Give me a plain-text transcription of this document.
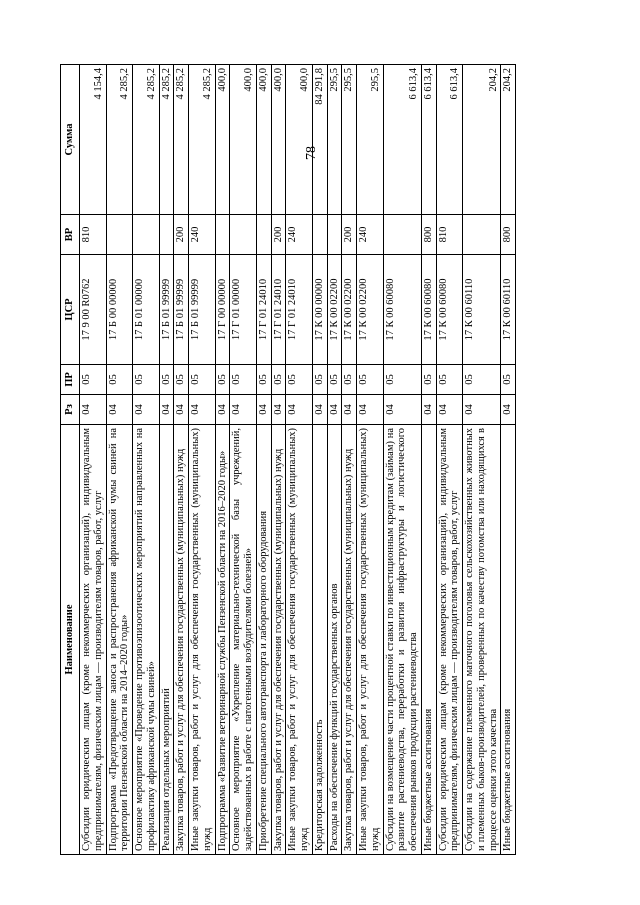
78
Наименование	Рз	ПР	ЦСР	ВР	Сумма
Субсидии юридическим лицам (кроме некоммерческих организаций), индивидуальным предпринимателям, физическим лицам — производителям товаров, работ, услуг	04	05	17 9 00 R0762	810	4 154,4
Подпрограмма «Предотвращение заноса и распространения африканской чумы свиней на территории Пензенской области на 2014–2020 годы»	04	05	17 Б 00 00000		4 285,2
Основное мероприятие «Проведение противоэпизоотических мероприятий направленных на профилактику африканской чумы свиней»	04	05	17 Б 01 00000		4 285,2
Реализация отдельных мероприятий	04	05	17 Б 01 99999		4 285,2
Закупка товаров, работ и услуг для обеспечения государственных (муниципальных) нужд	04	05	17 Б 01 99999	200	4 285,2
Иные закупки товаров, работ и услуг для обеспечения государственных (муниципальных) нужд	04	05	17 Б 01 99999	240	4 285,2
Подпрограмма «Развитие ветеринарной службы Пензенской области на 2016–2020 годы»	04	05	17 Г 00 00000		400,0
Основное мероприятие «Укрепление материально-технической базы учреждений, задействованных в работе с патогенными возбудителями болезней»	04	05	17 Г 01 00000		400,0
Приобретение специального автотранспорта и лабораторного оборудования	04	05	17 Г 01 24010		400,0
Закупка товаров, работ и услуг для обеспечения государственных (муниципальных) нужд	04	05	17 Г 01 24010	200	400,0
Иные закупки товаров, работ и услуг для обеспечения государственных (муниципальных) нужд	04	05	17 Г 01 24010	240	400,0
Кредиторская задолженность	04	05	17 К 00 00000		84 291,8
Расходы на обеспечение функций государственных органов	04	05	17 К 00 02200		295,5
Закупка товаров, работ и услуг для обеспечения государственных (муниципальных) нужд	04	05	17 К 00 02200	200	295,5
Иные закупки товаров, работ и услуг для обеспечения государственных (муниципальных) нужд	04	05	17 К 00 02200	240	295,5
Субсидии на возмещение части процентной ставки по инвестиционным кредитам (займам) на развитие растениеводства, переработки и развития инфраструктуры и логистического обеспечения рынков продукции растениеводства	04	05	17 К 00 60080		6 613,4
Иные бюджетные ассигнования	04	05	17 К 00 60080	800	6 613,4
Субсидии юридическим лицам (кроме некоммерческих организаций), индивидуальным предпринимателям, физическим лицам — производителям товаров, работ, услуг	04	05	17 К 00 60080	810	6 613,4
Субсидии на содержание племенного маточного поголовья сельскохозяйственных животных и племенных быков-производителей, проверенных по качеству потомства или находящихся в процессе оценки этого качества	04	05	17 К 00 60110		204,2
Иные бюджетные ассигнования	04	05	17 К 00 60110	800	204,2
